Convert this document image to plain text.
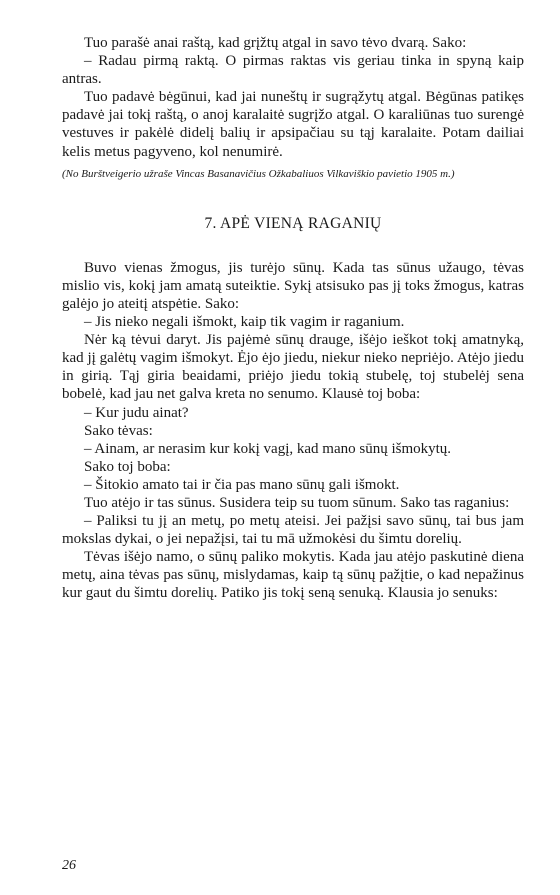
Tuo parašė anai raštą, kad grįžtų atgal in savo tėvo dvarą. Sako:

– Radau pirmą raktą. O pirmas raktas vis geriau tinka in spyną kaip antras.

Tuo padavė bėgūnui, kad jai nuneštų ir sugrąžytų atgal. Bėgūnas patikęs padavė jai tokį raštą, o anoj karalaitė sugrįžo atgal. O karaliūnas tuo surengė vestuves ir pakėlė didelį balių ir apsipačiau su tąj karalaite. Potam dailiai kelis metus pagyveno, kol nenumirė.

(No Burštveigerio užraše Vincas Basanavičius Ožkabaliuos Vilkaviškio pavietio 1905 m.)

7. APĖ VIENĄ RAGANIŲ

Buvo vienas žmogus, jis turėjo sūnų. Kada tas sūnus užaugo, tėvas mislio vis, kokį jam amatą suteiktie. Sykį atsisuko pas jį toks žmogus, katras galėjo jo ateitį atspėtie. Sako:

– Jis nieko negali išmokt, kaip tik vagim ir raganium.

Nėr ką tėvui daryt. Jis pajėmė sūnų drauge, išėjo ieškot tokį amatnyką, kad jį galėtų vagim išmokyt. Ėjo ėjo jiedu, niekur nieko nepriėjo. Atėjo jiedu in girią. Tąj giria beaidami, priėjo jiedu tokią stubelę, toj stubelėj sena bobelė, kad jau net galva kreta no senumo. Klausė toj boba:

– Kur judu ainat?

Sako tėvas:

– Ainam, ar nerasim kur kokį vagį, kad mano sūnų išmokytų.

Sako toj boba:

– Šitokio amato tai ir čia pas mano sūnų gali išmokt.

Tuo atėjo ir tas sūnus. Susidera teip su tuom sūnum. Sako tas raganius:

– Paliksi tu jį an metų, po metų ateisi. Jei pažįsi savo sūnų, tai bus jam mokslas dykai, o jei nepažįsi, tai tu mā užmokėsi du šimtu dorelių.

Tėvas išėjo namo, o sūnų paliko mokytis. Kada jau atėjo paskutinė diena metų, aina tėvas pas sūnų, mislydamas, kaip tą sūnų pažįtie, o kad nepažinus kur gaut du šimtu dorelių. Patiko jis tokį seną senuką. Klausia jo senuks:

26
